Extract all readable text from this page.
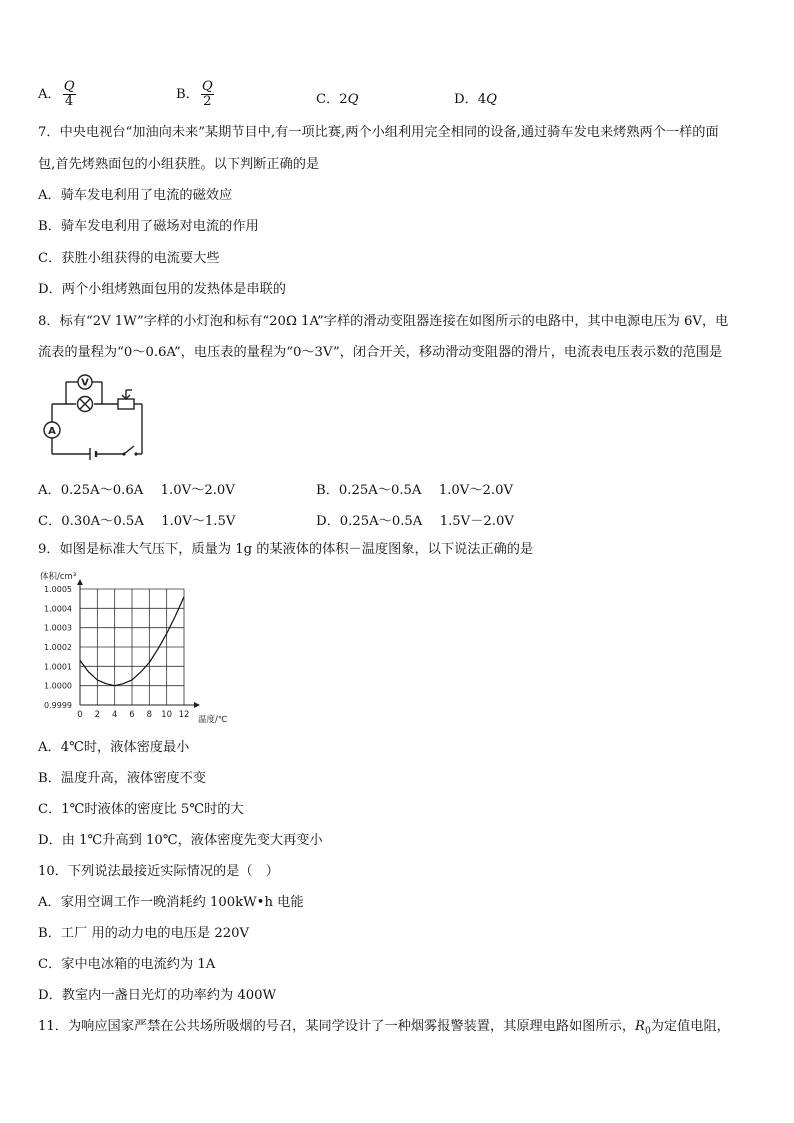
A． $\frac{Q}{4}$	B． $\frac{Q}{2}$	C．2Q	D．4Q
7．中央电视台“加油向未来”某期节目中,有一项比赛,两个小组利用完全相同的设备,通过骑车发电来烤熟两个一样的面
包,首先烤熟面包的小组获胜。以下判断正确的是
A．骑车发电利用了电流的磁效应
B．骑车发电利用了磁场对电流的作用
C．获胜小组获得的电流要大些
D．两个小组烤熟面包用的发热体是串联的
8．标有“2V 1W”字样的小灯泡和标有“20Ω 1A”字样的滑动变阻器连接在如图所示的电路中，其中电源电压为 6V，电
流表的量程为“0～0.6A”，电压表的量程为“0～3V”，闭合开关，移动滑动变阻器的滑片，电流表电压表示数的范围是
V
A
A．0.25A～0.6A　 1.0V～2.0V	B．0.25A～0.5A　 1.0V～2.0V
C．0.30A～0.5A　 1.0V～1.5V	D．0.25A～0.5A　 1.5V－2.0V
9．如图是标准大气压下，质量为 1g 的某液体的体积－温度图象，以下说法正确的是
0 2 4 6 8 10 12
0.9999
1.0000
1.0001
1.0002
1.0003
1.0004
1.0005
体积/cm³
温度/℃
A．4℃时，液体密度最小
B．温度升高，液体密度不变
C．1℃时液体的密度比 5℃时的大
D．由 1℃升高到 10℃，液体密度先变大再变小
10．下列说法最接近实际情况的是（　）
A．家用空调工作一晚消耗约 100kW•h 电能
B．工厂 用的动力电的电压是 220V
C．家中电冰箱的电流约为 1A
D．教室内一盏日光灯的功率约为 400W
11．为响应国家严禁在公共场所吸烟的号召，某同学设计了一种烟雾报警装置，其原理电路如图所示，$R_0$为定值电阻，
